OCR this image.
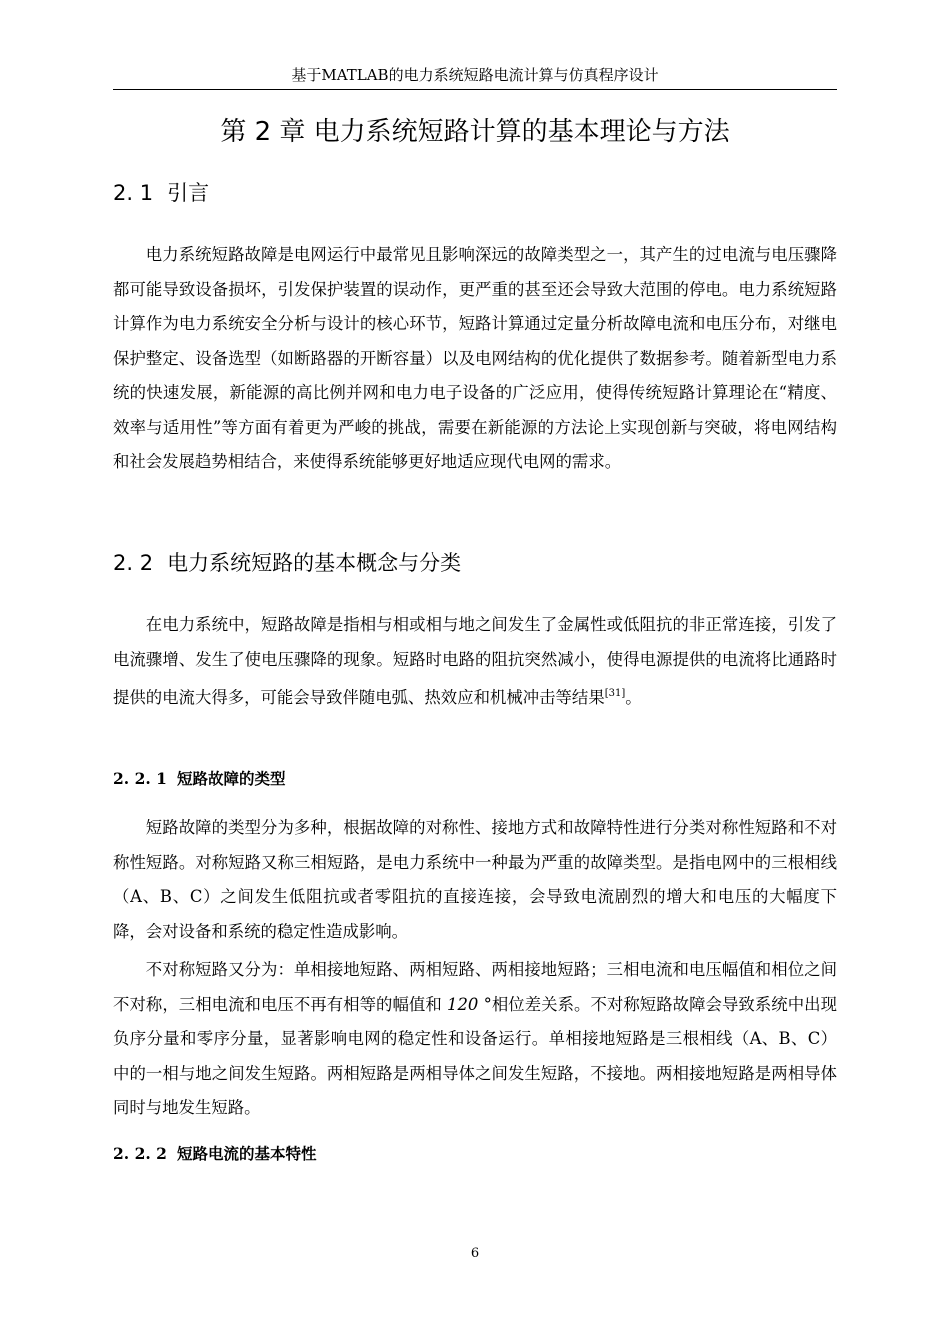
基于MATLAB的电力系统短路电流计算与仿真程序设计
第 2 章 电力系统短路计算的基本理论与方法
2. 1 引言

电力系统短路故障是电网运行中最常见且影响深远的故障类型之一，其产生的过电流与电压骤降都可能导致设备损坏，引发保护装置的误动作，更严重的甚至还会导致大范围的停电。电力系统短路计算作为电力系统安全分析与设计的核心环节，短路计算通过定量分析故障电流和电压分布，对继电保护整定、设备选型（如断路器的开断容量）以及电网结构的优化提供了数据参考。随着新型电力系统的快速发展，新能源的高比例并网和电力电子设备的广泛应用，使得传统短路计算理论在“精度、效率与适用性”等方面有着更为严峻的挑战，需要在新能源的方法论上实现创新与突破，将电网结构和社会发展趋势相结合，来使得系统能够更好地适应现代电网的需求。

2. 2 电力系统短路的基本概念与分类

在电力系统中，短路故障是指相与相或相与地之间发生了金属性或低阻抗的非正常连接，引发了电流骤增、发生了使电压骤降的现象。短路时电路的阻抗突然减小，使得电源提供的电流将比通路时提供的电流大得多，可能会导致伴随电弧、热效应和机械冲击等结果[31]。

2. 2. 1 短路故障的类型

短路故障的类型分为多种，根据故障的对称性、接地方式和故障特性进行分类对称性短路和不对称性短路。对称短路又称三相短路，是电力系统中一种最为严重的故障类型。是指电网中的三根相线（A、B、C）之间发生低阻抗或者零阻抗的直接连接，会导致电流剧烈的增大和电压的大幅度下降，会对设备和系统的稳定性造成影响。

不对称短路又分为：单相接地短路、两相短路、两相接地短路；三相电流和电压幅值和相位之间不对称，三相电流和电压不再有相等的幅值和 120 °相位差关系。不对称短路故障会导致系统中出现负序分量和零序分量，显著影响电网的稳定性和设备运行。单相接地短路是三根相线（A、B、C）中的一相与地之间发生短路。两相短路是两相导体之间发生短路，不接地。两相接地短路是两相导体同时与地发生短路。

2. 2. 2 短路电流的基本特性
6
